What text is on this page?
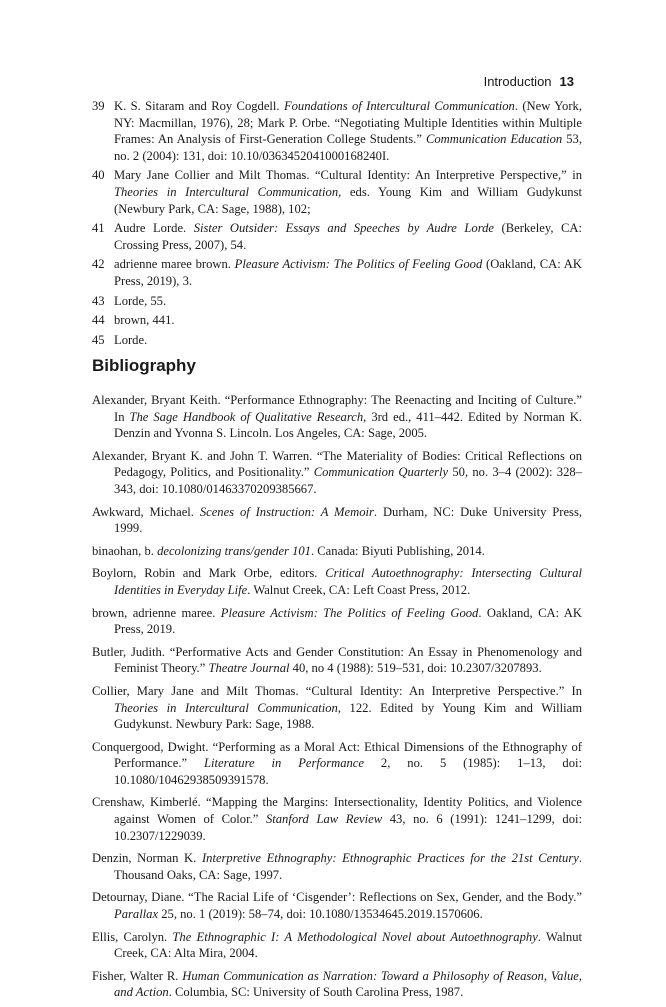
Introduction 13
39 K. S. Sitaram and Roy Cogdell. Foundations of Intercultural Communication. (New York, NY: Macmillan, 1976), 28; Mark P. Orbe. “Negotiating Multiple Identities within Multiple Frames: An Analysis of First-Generation College Students.” Communication Education 53, no. 2 (2004): 131, doi: 10.10/0363452041000168240I.
40 Mary Jane Collier and Milt Thomas. “Cultural Identity: An Interpretive Perspective,” in Theories in Intercultural Communication, eds. Young Kim and William Gudykunst (Newbury Park, CA: Sage, 1988), 102;
41 Audre Lorde. Sister Outsider: Essays and Speeches by Audre Lorde (Berkeley, CA: Crossing Press, 2007), 54.
42 adrienne maree brown. Pleasure Activism: The Politics of Feeling Good (Oakland, CA: AK Press, 2019), 3.
43 Lorde, 55.
44 brown, 441.
45 Lorde.
Bibliography
Alexander, Bryant Keith. “Performance Ethnography: The Reenacting and Inciting of Culture.” In The Sage Handbook of Qualitative Research, 3rd ed., 411–442. Edited by Norman K. Denzin and Yvonna S. Lincoln. Los Angeles, CA: Sage, 2005.
Alexander, Bryant K. and John T. Warren. “The Materiality of Bodies: Critical Reflections on Pedagogy, Politics, and Positionality.” Communication Quarterly 50, no. 3–4 (2002): 328–343, doi: 10.1080/01463370209385667.
Awkward, Michael. Scenes of Instruction: A Memoir. Durham, NC: Duke University Press, 1999.
binaohan, b. decolonizing trans/gender 101. Canada: Biyuti Publishing, 2014.
Boylorn, Robin and Mark Orbe, editors. Critical Autoethnography: Intersecting Cultural Identities in Everyday Life. Walnut Creek, CA: Left Coast Press, 2012.
brown, adrienne maree. Pleasure Activism: The Politics of Feeling Good. Oakland, CA: AK Press, 2019.
Butler, Judith. “Performative Acts and Gender Constitution: An Essay in Phenomenology and Feminist Theory.” Theatre Journal 40, no 4 (1988): 519–531, doi: 10.2307/3207893.
Collier, Mary Jane and Milt Thomas. “Cultural Identity: An Interpretive Perspective.” In Theories in Intercultural Communication, 122. Edited by Young Kim and William Gudykunst. Newbury Park: Sage, 1988.
Conquergood, Dwight. “Performing as a Moral Act: Ethical Dimensions of the Ethnography of Performance.” Literature in Performance 2, no. 5 (1985): 1–13, doi: 10.1080/10462938509391578.
Crenshaw, Kimberlé. “Mapping the Margins: Intersectionality, Identity Politics, and Violence against Women of Color.” Stanford Law Review 43, no. 6 (1991): 1241–1299, doi: 10.2307/1229039.
Denzin, Norman K. Interpretive Ethnography: Ethnographic Practices for the 21st Century. Thousand Oaks, CA: Sage, 1997.
Detournay, Diane. “The Racial Life of ‘Cisgender’: Reflections on Sex, Gender, and the Body.” Parallax 25, no. 1 (2019): 58–74, doi: 10.1080/13534645.2019.1570606.
Ellis, Carolyn. The Ethnographic I: A Methodological Novel about Autoethnography. Walnut Creek, CA: Alta Mira, 2004.
Fisher, Walter R. Human Communication as Narration: Toward a Philosophy of Reason, Value, and Action. Columbia, SC: University of South Carolina Press, 1987.
